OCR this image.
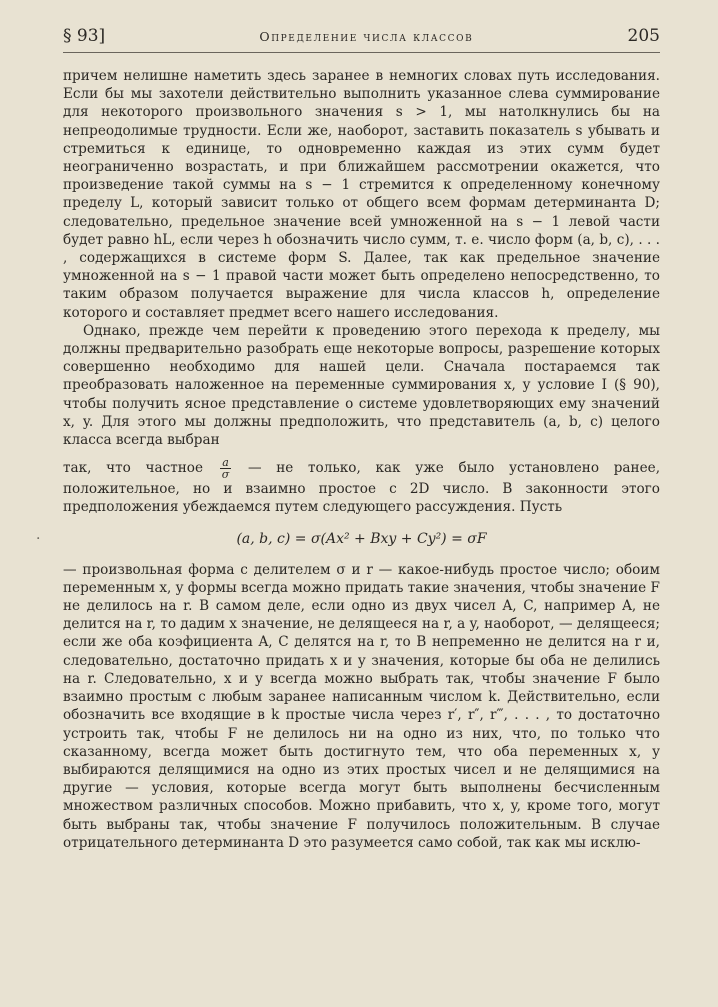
§ 93]	Определение числа классов	205

причем нелишне наметить здесь заранее в немногих словах путь исследования. Если бы мы захотели действительно выполнить указанное слева суммирование для некоторого произвольного значения s > 1, мы натолкнулись бы на непреодолимые трудности. Если же, наоборот, заставить показатель s убывать и стремиться к единице, то одновременно каждая из этих сумм будет неограниченно возрастать, и при ближайшем рассмотрении окажется, что произведение такой суммы на s − 1 стремится к определенному конечному пределу L, который зависит только от общего всем формам детерминанта D; следовательно, предельное значение всей умноженной на s − 1 левой части будет равно hL, если через h обозначить число сумм, т. е. число форм (a, b, c), . . . , содержащихся в системе форм S. Далее, так как предельное значение умноженной на s − 1 правой части может быть определено непосредственно, то таким образом получается выражение для числа классов h, определение которого и составляет предмет всего нашего исследования.

Однако, прежде чем перейти к проведению этого перехода к пределу, мы должны предварительно разобрать еще некоторые вопросы, разрешение которых совершенно необходимо для нашей цели. Сначала постараемся так преобразовать наложенное на переменные суммирования x, y условие I (§ 90), чтобы получить ясное представление о системе удовлетворяющих ему значений x, y. Для этого мы должны предположить, что представитель (a, b, c) целого класса всегда выбран

так, что частное $\frac{a}{\sigma}$ — не только, как уже было установлено ранее, положительное, но и взаимно простое с 2D число. В законности этого предположения убеждаемся путем следующего рассуждения. Пусть

(a, b, c) = σ(Ax² + Bxy + Cy²) = σF

— произвольная форма с делителем σ и r — какое-нибудь простое число; обоим переменным x, y формы всегда можно придать такие значения, чтобы значение F не делилось на r. В самом деле, если одно из двух чисел A, C, например A, не делится на r, то дадим x значение, не делящееся на r, а y, наоборот, — делящееся; если же оба коэфициента A, C делятся на r, то B непременно не делится на r и, следовательно, достаточно придать x и y значения, которые бы оба не делились на r. Следовательно, x и y всегда можно выбрать так, чтобы значение F было взаимно простым с любым заранее написанным числом k. Действительно, если обозначить все входящие в k простые числа через r′, r″, r‴, . . . , то достаточно устроить так, чтобы F не делилось ни на одно из них, что, по только что сказанному, всегда может быть достигнуто тем, что оба переменных x, y выбираются делящимися на одно из этих простых чисел и не делящимися на другие — условия, которые всегда могут быть выполнены бесчисленным множеством различных способов. Можно прибавить, что x, y, кроме того, могут быть выбраны так, чтобы значение F получилось положительным. В случае отрицательного детерминанта D это разумеется само собой, так как мы исклю-

·
